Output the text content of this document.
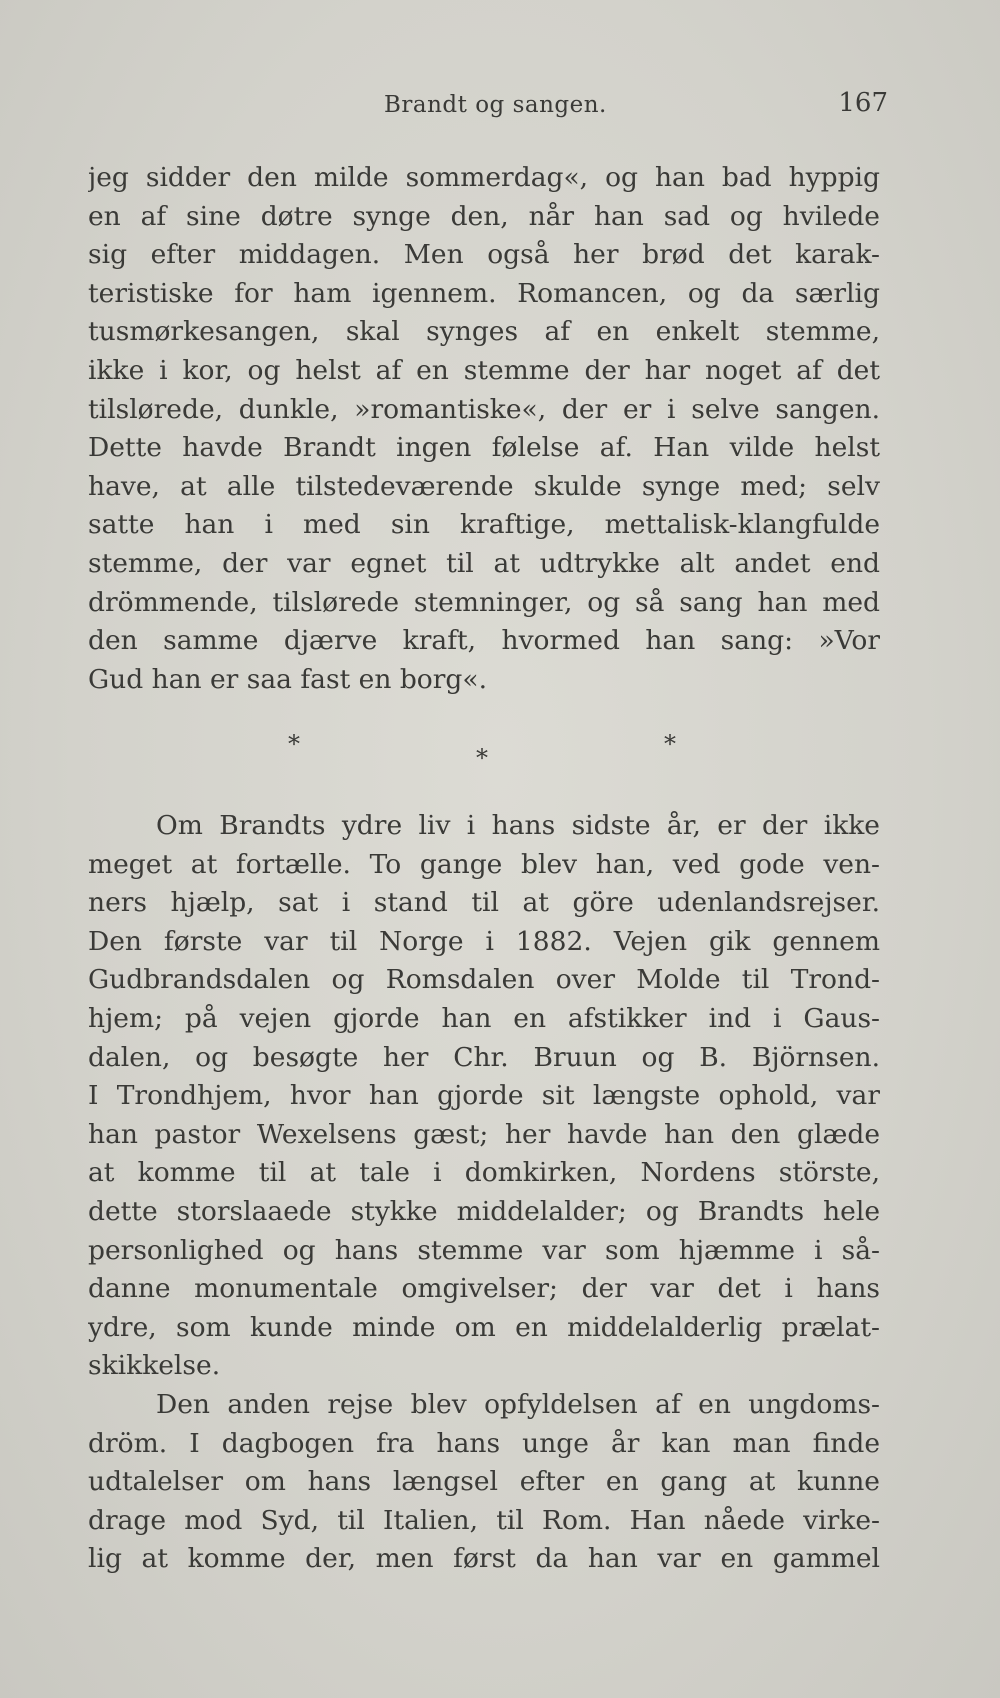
Brandt og sangen.	167
jeg sidder den milde sommerdag«, og han bad hyppig
en af sine døtre synge den, når han sad og hvilede
sig efter middagen. Men også her brød det karak-
teristiske for ham igennem. Romancen, og da særlig
tusmørkesangen, skal synges af en enkelt stemme,
ikke i kor, og helst af en stemme der har noget af det
tilslørede, dunkle, »romantiske«, der er i selve sangen.
Dette havde Brandt ingen følelse af. Han vilde helst
have, at alle tilstedeværende skulde synge med; selv
satte han i med sin kraftige, mettalisk-klangfulde
stemme, der var egnet til at udtrykke alt andet end
drömmende, tilslørede stemninger, og så sang han med
den samme djærve kraft, hvormed han sang: »Vor
Gud han er saa fast en borg«.
*	*	*
Om Brandts ydre liv i hans sidste år, er der ikke
meget at fortælle. To gange blev han, ved gode ven-
ners hjælp, sat i stand til at göre udenlandsrejser.
Den første var til Norge i 1882. Vejen gik gennem
Gudbrandsdalen og Romsdalen over Molde til Trond-
hjem; på vejen gjorde han en afstikker ind i Gaus-
dalen, og besøgte her Chr. Bruun og B. Björnsen.
I Trondhjem, hvor han gjorde sit længste ophold, var
han pastor Wexelsens gæst; her havde han den glæde
at komme til at tale i domkirken, Nordens störste,
dette storslaaede stykke middelalder; og Brandts hele
personlighed og hans stemme var som hjæmme i så-
danne monumentale omgivelser; der var det i hans
ydre, som kunde minde om en middelalderlig prælat-
skikkelse.
Den anden rejse blev opfyldelsen af en ungdoms-
dröm. I dagbogen fra hans unge år kan man finde
udtalelser om hans længsel efter en gang at kunne
drage mod Syd, til Italien, til Rom. Han nåede virke-
lig at komme der, men først da han var en gammel
